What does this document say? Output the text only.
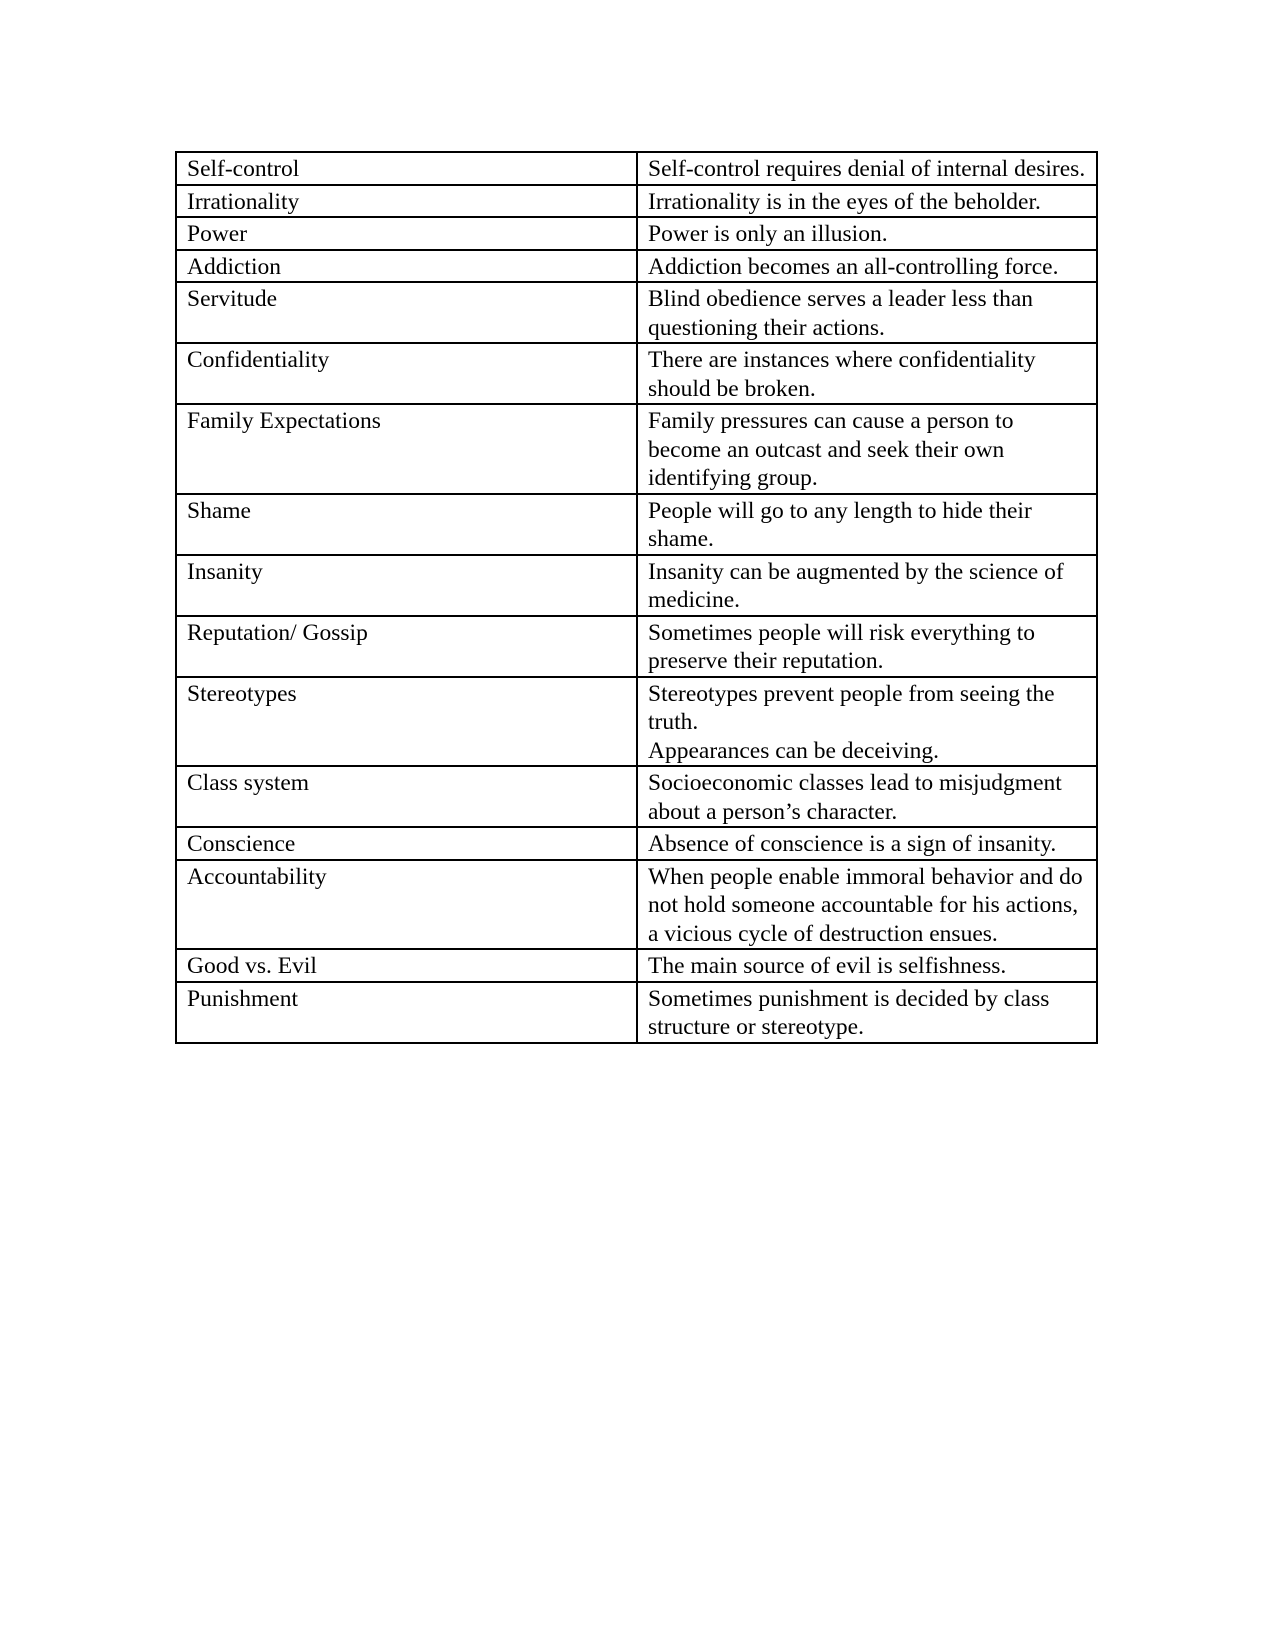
Self-control	Self-control requires denial of internal desires.

Irrationality	Irrationality is in the eyes of the beholder.

Power	Power is only an illusion.

Addiction	Addiction becomes an all-controlling force.

Servitude	Blind obedience serves a leader less than questioning their actions.

Confidentiality	There are instances where confidentiality should be broken.

Family Expectations	Family pressures can cause a person to become an outcast and seek their own identifying group.

Shame	People will go to any length to hide their shame.

Insanity	Insanity can be augmented by the science of medicine.

Reputation/ Gossip	Sometimes people will risk everything to preserve their reputation.

Stereotypes	Stereotypes prevent people from seeing the truth.
Appearances can be deceiving.

Class system	Socioeconomic classes lead to misjudgment about a person’s character.

Conscience	Absence of conscience is a sign of insanity.

Accountability	When people enable immoral behavior and do not hold someone accountable for his actions, a vicious cycle of destruction ensues.

Good vs. Evil	The main source of evil is selfishness.

Punishment	Sometimes punishment is decided by class structure or stereotype.
